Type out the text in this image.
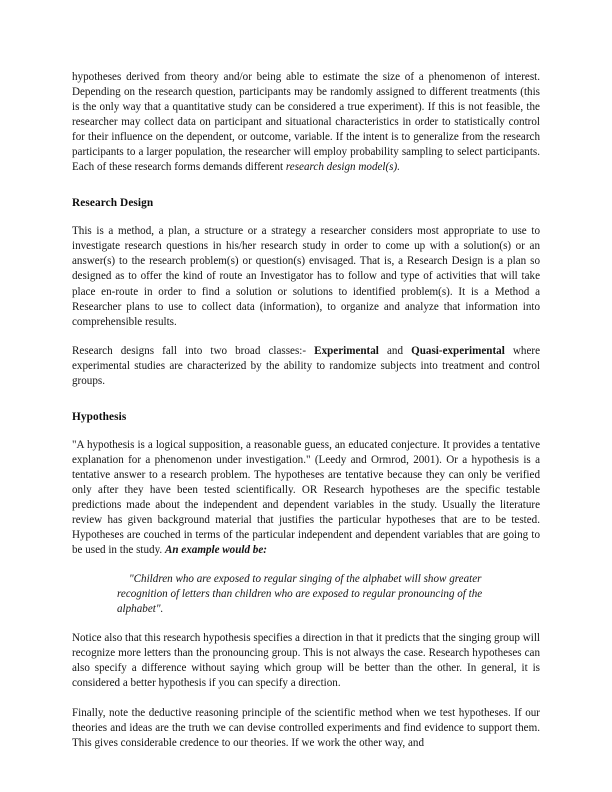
hypotheses derived from theory and/or being able to estimate the size of a phenomenon of interest. Depending on the research question, participants may be randomly assigned to different treatments (this is the only way that a quantitative study can be considered a true experiment). If this is not feasible, the researcher may collect data on participant and situational characteristics in order to statistically control for their influence on the dependent, or outcome, variable. If the intent is to generalize from the research participants to a larger population, the researcher will employ probability sampling to select participants. Each of these research forms demands different research design model(s).

Research Design

This is a method, a plan, a structure or a strategy a researcher considers most appropriate to use to investigate research questions in his/her research study in order to come up with a solution(s) or an answer(s) to the research problem(s) or question(s) envisaged. That is, a Research Design is a plan so designed as to offer the kind of route an Investigator has to follow and type of activities that will take place en-route in order to find a solution or solutions to identified problem(s). It is a Method a Researcher plans to use to collect data (information), to organize and analyze that information into comprehensible results.

Research designs fall into two broad classes:- Experimental and Quasi-experimental where experimental studies are characterized by the ability to randomize subjects into treatment and control groups.

Hypothesis

"A hypothesis is a logical supposition, a reasonable guess, an educated conjecture. It provides a tentative explanation for a phenomenon under investigation." (Leedy and Ormrod, 2001). Or a hypothesis is a tentative answer to a research problem. The hypotheses are tentative because they can only be verified only after they have been tested scientifically. OR Research hypotheses are the specific testable predictions made about the independent and dependent variables in the study. Usually the literature review has given background material that justifies the particular hypotheses that are to be tested. Hypotheses are couched in terms of the particular independent and dependent variables that are going to be used in the study. An example would be:

"Children who are exposed to regular singing of the alphabet will show greater recognition of letters than children who are exposed to regular pronouncing of the alphabet".

Notice also that this research hypothesis specifies a direction in that it predicts that the singing group will recognize more letters than the pronouncing group. This is not always the case. Research hypotheses can also specify a difference without saying which group will be better than the other. In general, it is considered a better hypothesis if you can specify a direction.

Finally, note the deductive reasoning principle of the scientific method when we test hypotheses. If our theories and ideas are the truth we can devise controlled experiments and find evidence to support them. This gives considerable credence to our theories. If we work the other way, and
